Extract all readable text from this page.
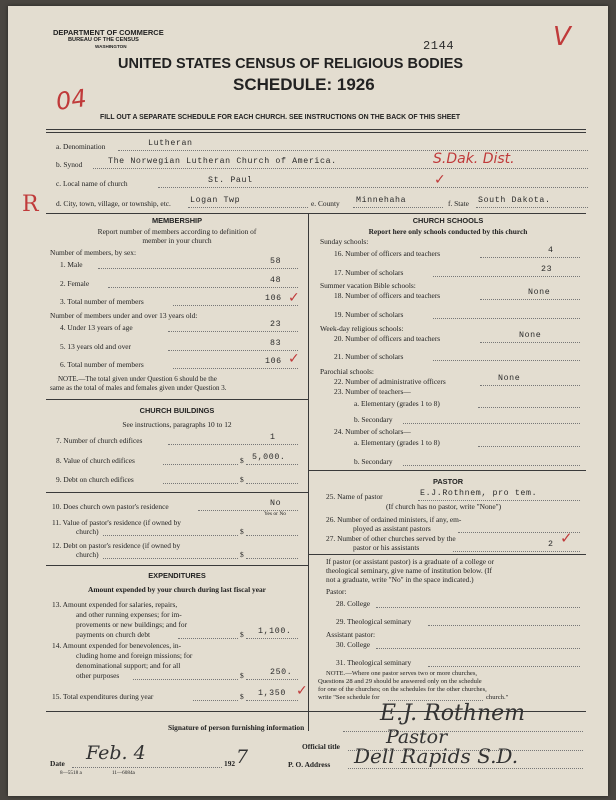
DEPARTMENT OF COMMERCE
BUREAU OF THE CENSUS
WASHINGTON	2144	V
UNITED STATES CENSUS OF RELIGIOUS BODIES
SCHEDULE: 1926
04
FILL OUT A SEPARATE SCHEDULE FOR EACH CHURCH. SEE INSTRUCTIONS ON THE BACK OF THIS SHEET
a. Denomination	Lutheran
b. Synod	The Norwegian Lutheran Church of America.	S.Dak. Dist.
c. Local name of church	St. Paul	✓
R d. City, town, village, or township, etc. Logan Twp	e. County Minnehaha	f. State South Dakota.
MEMBERSHIP
Report number of members according to definition of
member in your church
Number of members, by sex:
1. Male	58
2. Female	48
3. Total number of members	106 ✓
Number of members under and over 13 years old:
4. Under 13 years of age	23
5. 13 years old and over	83
6. Total number of members	106 ✓
NOTE.—The total given under Question 6 should be the
same as the total of males and females given under Question 3.
CHURCH BUILDINGS
See instructions, paragraphs 10 to 12
7. Number of church edifices	1
8. Value of church edifices	$ 5,000.
9. Debt on church edifices	$
10. Does church own pastor's residence	No
Yes or No
11. Value of pastor's residence (if owned by
church)	$
12. Debt on pastor's residence (if owned by
church)	$
EXPENDITURES
Amount expended by your church during last fiscal year
13. Amount expended for salaries, repairs,
and other running expenses; for im-
provements or new buildings; and for
payments on church debt	$ 1,100.
14. Amount expended for benevolences, in-
cluding home and foreign missions; for
denominational support; and for all
other purposes	$	250.
15. Total expenditures during year	$ 1,350 ✓
CHURCH SCHOOLS
Report here only schools conducted by this church
Sunday schools:
16. Number of officers and teachers	4
17. Number of scholars	23
Summer vacation Bible schools:
18. Number of officers and teachers	None
19. Number of scholars
Week-day religious schools:
20. Number of officers and teachers	None
21. Number of scholars
Parochial schools:
22. Number of administrative officers	None
23. Number of teachers—
a. Elementary (grades 1 to 8)
b. Secondary
24. Number of scholars—
a. Elementary (grades 1 to 8)
b. Secondary
PASTOR
25. Name of pastor	E.J.Rothnem, pro tem.
(If church has no pastor, write "None")
26. Number of ordained ministers, if any, em-
ployed as assistant pastors
27. Number of other churches served by the
pastor or his assistants	2 ✓
If pastor (or assistant pastor) is a graduate of a college or
theological seminary, give name of institution below. (If
not a graduate, write "No" in the space indicated.)
Pastor:
28. College
29. Theological seminary
Assistant pastor:
30. College
31. Theological seminary
NOTE.—Where one pastor serves two or more churches,
Questions 28 and 29 should be answered only on the schedule
for one of the churches; on the schedules for the other churches,
write "See schedule for	church."
Signature of person furnishing information
E.J. Rothnem
Official title Pastor
Date Feb. 4	192 7	P. O. Address Dell Rapids S.D.
8—5518 a	11—6084a
